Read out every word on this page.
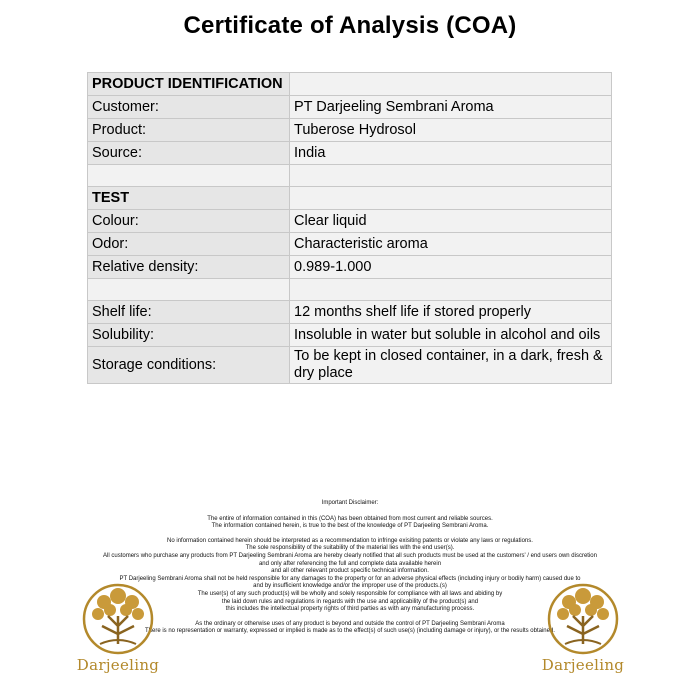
Certificate of Analysis (COA)
PRODUCT IDENTIFICATION	
Customer:	PT Darjeeling Sembrani Aroma
Product:	Tuberose Hydrosol
Source:	India

TEST	
Colour:	Clear liquid
Odor:	Characteristic aroma
Relative density:	0.989-1.000

Shelf life:	12 months shelf life if stored properly
Solubility:	Insoluble in water but soluble in alcohol and oils
Storage conditions:	To be kept in closed container, in a dark, fresh & dry place
Important Disclaimer:
The entire of information contained in this (COA) has been obtained from most current and reliable sources.
The information contained herein, is true to the best of the knowledge of PT Darjeeling Sembrani Aroma.
No information contained herein should be interpreted as a recommendation to infringe exisiting patents or violate any laws or regulations.
The sole responsibility of the suitability of the material lies with the end user(s).
All customers who purchase any products from PT Darjeeling Sembrani Aroma are hereby clearly notified that all such products must be used at the customers' / end users own discretion
and only after referencing the full and complete data available herein
and all other relevant product specific technical information.
PT Darjeeling Sembrani Aroma shall not be held responsible for any damages to the property or for an adverse physical effects (including injury or bodily harm) caused due to
and by insufficient knowledge and/or the improper use of the products.(s)
The user(s) of any such product(s) will be wholly and solely responsible for compliance with all laws and abiding by
the laid down rules and regulations in regards with the use and applicability of the product(s) and
this includes the intellectual property rights of third parties as with any manufacturing process.
As the ordinary or otherwise uses of any product is beyond and outside the control of PT Darjeeling Sembrani Aroma
There is no representation or warranty, expressed or implied is made as to the effect(s) of such use(s) (including damage or injury), or the results obtained.
Darjeeling	Darjeeling
